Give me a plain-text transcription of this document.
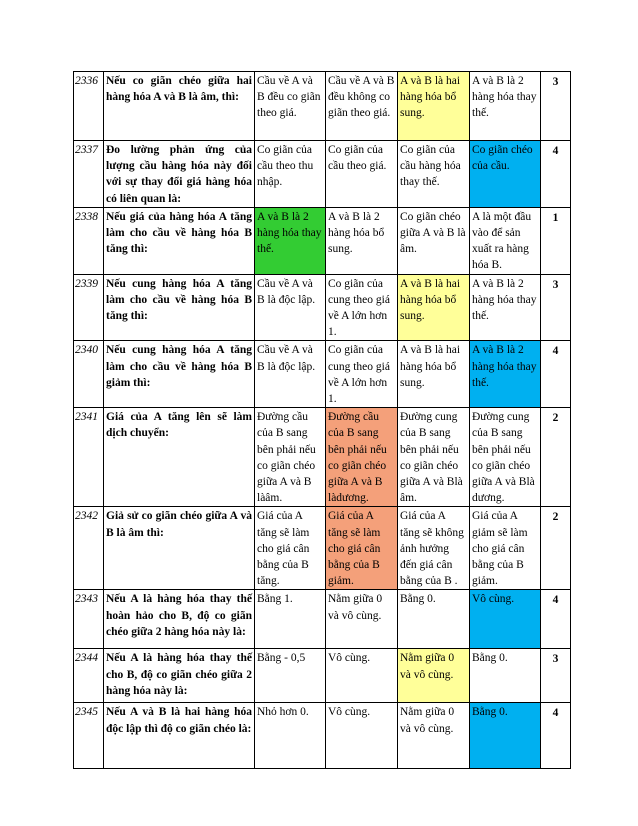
2336	Nếu co giãn chéo giữa hai hàng hóa A và B là âm, thì:	Cầu về A và B đều co giãn theo giá.	Cầu về A và B đều không co giãn theo giá.	A và B là hai hàng hóa bổ sung.	A và B là 2 hàng hóa thay thế.	3
2337	Đo lường phản ứng của lượng cầu hàng hóa này đối với sự thay đổi giá hàng hóa có liên quan là:	Co giãn của cầu theo thu nhập.	Co giãn của cầu theo giá.	Co giãn của cầu hàng hóa thay thế.	Co giãn chéo của cầu.	4
2338	Nếu giá của hàng hóa A tăng làm cho cầu về hàng hóa B tăng thì:	A và B là 2 hàng hóa thay thế.	A và B là 2 hàng hóa bổ sung.	Co giãn chéo giữa A và B là âm.	A là một đầu vào để sản xuất ra hàng hóa B.	1
2339	Nếu cung hàng hóa A tăng làm cho cầu về hàng hóa B tăng thì:	Cầu về A và B là độc lập.	Co giãn của cung theo giá về A lớn hơn 1.	A và B là hai hàng hóa bổ sung.	A và B là 2 hàng hóa thay thế.	3
2340	Nếu cung hàng hóa A tăng làm cho cầu về hàng hóa B giảm thì:	Cầu về A và B là độc lập.	Co giãn của cung theo giá về A lớn hơn 1.	A và B là hai hàng hóa bổ sung.	A và B là 2 hàng hóa thay thế.	4
2341	Giá của A tăng lên sẽ làm dịch chuyển:	Đường cầu của B sang bên phải nếu co giãn chéo giữa A và B làâm.	Đường cầu của B sang bên phải nếu co giãn chéo giữa A và B làdương.	Đường cung của B sang bên phải nếu co giãn chéo giữa A và Blà âm.	Đường cung của B sang bên phải nếu co giãn chéo giữa A và Blà dương.	2
2342	Giả sử co giãn chéo giữa A và B là âm thì:	Giá của A tăng sẽ làm cho giá cân bằng của B tăng.	Giá của A tăng sẽ làm cho giá cân bằng của B giảm.	Giá của A tăng sẽ không ảnh hưởng đến giá cân bằng của B .	Giá của A giảm sẽ làm cho giá cân bằng của B giảm.	2
2343	Nếu A là hàng hóa thay thế hoàn hảo cho B, độ co giãn chéo giữa 2 hàng hóa này là:	Bằng 1.	Nằm giữa 0 và vô cùng.	Bằng 0.	Vô cùng.	4
2344	Nếu A là hàng hóa thay thế cho B, độ co giãn chéo giữa 2 hàng hóa này là:	Bằng - 0,5	Vô cùng.	Nằm giữa 0 và vô cùng.	Bằng 0.	3
2345	Nếu A và B là hai hàng hóa độc lập thì độ co giãn chéo là:	Nhỏ hơn 0.	Vô cùng.	Nằm giữa 0 và vô cùng.	Bằng 0.	4
